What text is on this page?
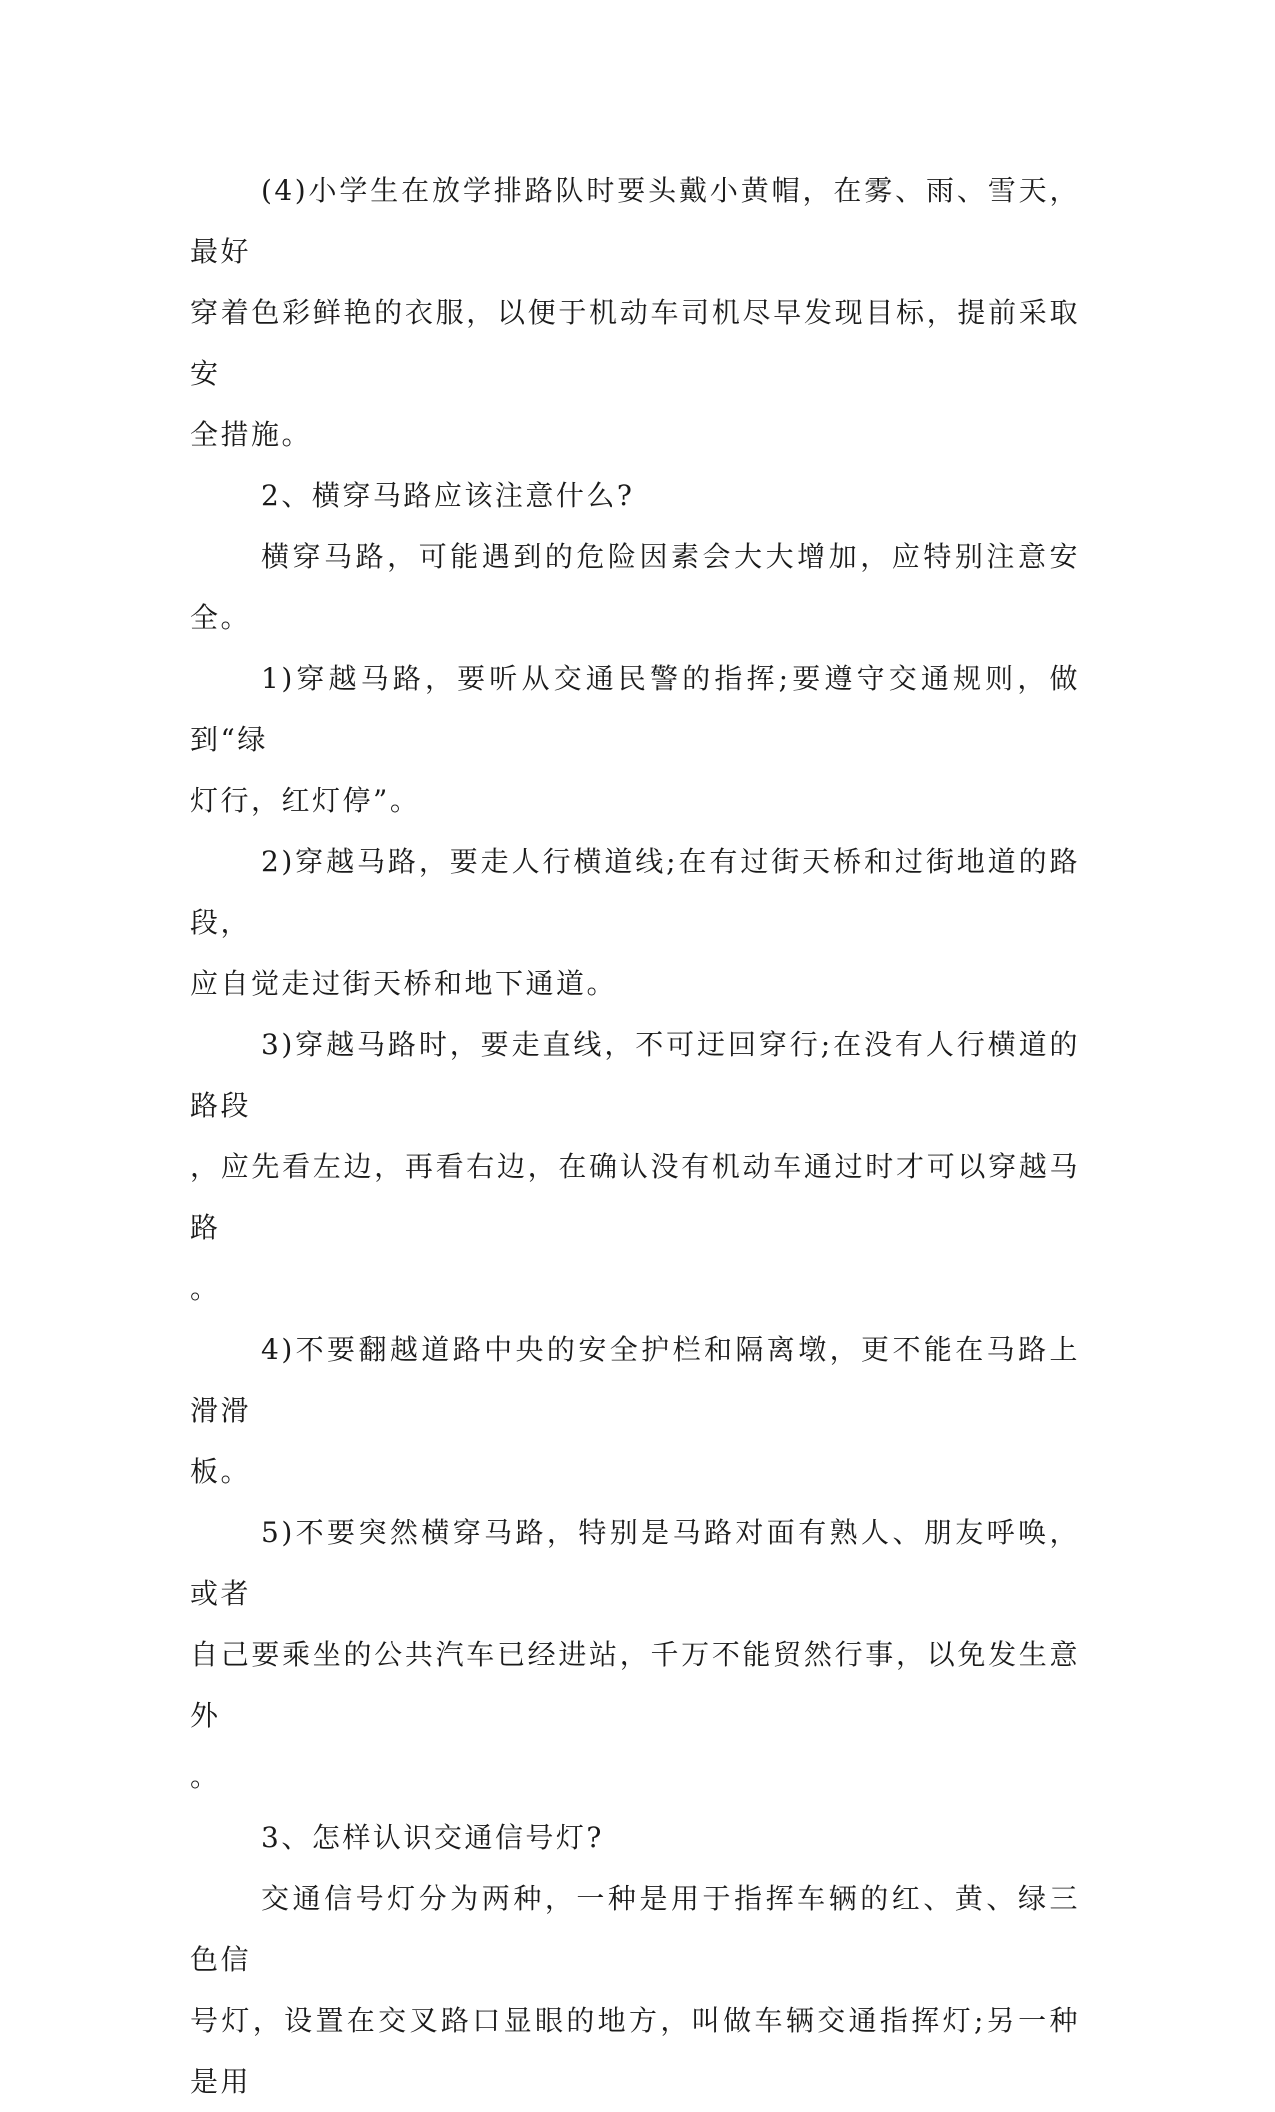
(4)小学生在放学排路队时要头戴小黄帽，在雾、雨、雪天，最好
穿着色彩鲜艳的衣服，以便于机动车司机尽早发现目标，提前采取安
全措施。

2、横穿马路应该注意什么?

横穿马路，可能遇到的危险因素会大大增加，应特别注意安全。

1)穿越马路，要听从交通民警的指挥;要遵守交通规则，做到“绿
灯行，红灯停”。

2)穿越马路，要走人行横道线;在有过街天桥和过街地道的路段，
应自觉走过街天桥和地下通道。

3)穿越马路时，要走直线，不可迂回穿行;在没有人行横道的路段
，应先看左边，再看右边，在确认没有机动车通过时才可以穿越马路
。

4)不要翻越道路中央的安全护栏和隔离墩，更不能在马路上滑滑
板。

5)不要突然横穿马路，特别是马路对面有熟人、朋友呼唤，或者
自己要乘坐的公共汽车已经进站，千万不能贸然行事，以免发生意外
。

3、怎样认识交通信号灯?

交通信号灯分为两种，一种是用于指挥车辆的红、黄、绿三色信
号灯，设置在交叉路口显眼的地方，叫做车辆交通指挥灯;另一种是用
